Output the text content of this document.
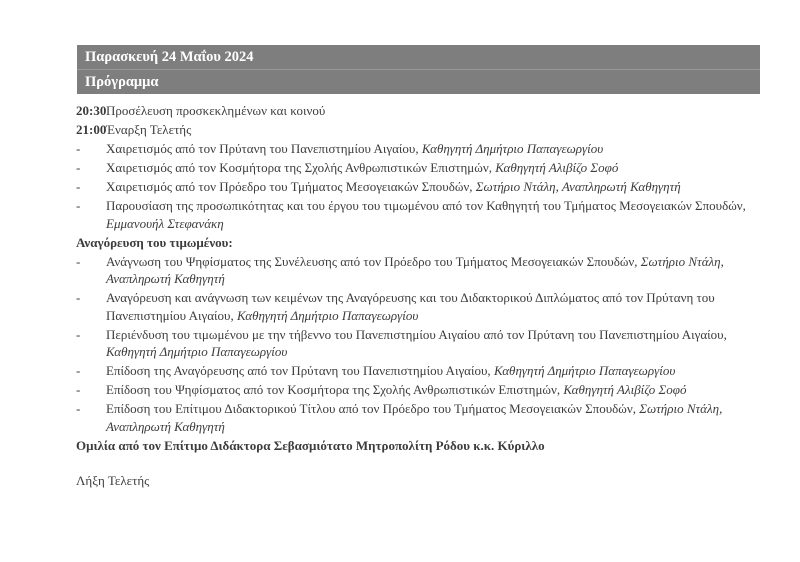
Παρασκευή 24 Μαΐου 2024
Πρόγραμμα
20:30 Προσέλευση προσκεκλημένων και κοινού
21:00 Έναρξη Τελετής
-	Χαιρετισμός από τον Πρύτανη του Πανεπιστημίου Αιγαίου, Καθηγητή Δημήτριο Παπαγεωργίου
-	Χαιρετισμός από τον Κοσμήτορα της Σχολής Ανθρωπιστικών Επιστημών, Καθηγητή Αλιβίζο Σοφό
-	Χαιρετισμός από τον Πρόεδρο του Τμήματος Μεσογειακών Σπουδών, Σωτήριο Ντάλη, Αναπληρωτή Καθηγητή
-	Παρουσίαση της προσωπικότητας και του έργου του τιμωμένου από τον Καθηγητή του Τμήματος Μεσογειακών Σπουδών, Εμμανουήλ Στεφανάκη
Αναγόρευση του τιμωμένου:
-	Ανάγνωση του Ψηφίσματος της Συνέλευσης από τον Πρόεδρο του Τμήματος Μεσογειακών Σπουδών, Σωτήριο Ντάλη, Αναπληρωτή Καθηγητή
-	Αναγόρευση και ανάγνωση των κειμένων της Αναγόρευσης και του Διδακτορικού Διπλώματος από τον Πρύτανη του Πανεπιστημίου Αιγαίου, Καθηγητή Δημήτριο Παπαγεωργίου
-	Περιένδυση του τιμωμένου με την τήβεννο του Πανεπιστημίου Αιγαίου από τον Πρύτανη του Πανεπιστημίου Αιγαίου, Καθηγητή Δημήτριο Παπαγεωργίου
-	Επίδοση της Αναγόρευσης από τον Πρύτανη του Πανεπιστημίου Αιγαίου, Καθηγητή Δημήτριο Παπαγεωργίου
-	Επίδοση του Ψηφίσματος από τον Κοσμήτορα της Σχολής Ανθρωπιστικών Επιστημών, Καθηγητή Αλιβίζο Σοφό
-	Επίδοση του Επίτιμου Διδακτορικού Τίτλου από τον Πρόεδρο του Τμήματος Μεσογειακών Σπουδών, Σωτήριο Ντάλη, Αναπληρωτή Καθηγητή
Ομιλία από τον Επίτιμο Διδάκτορα Σεβασμιότατο Μητροπολίτη Ρόδου κ.κ. Κύριλλο
Λήξη Τελετής
